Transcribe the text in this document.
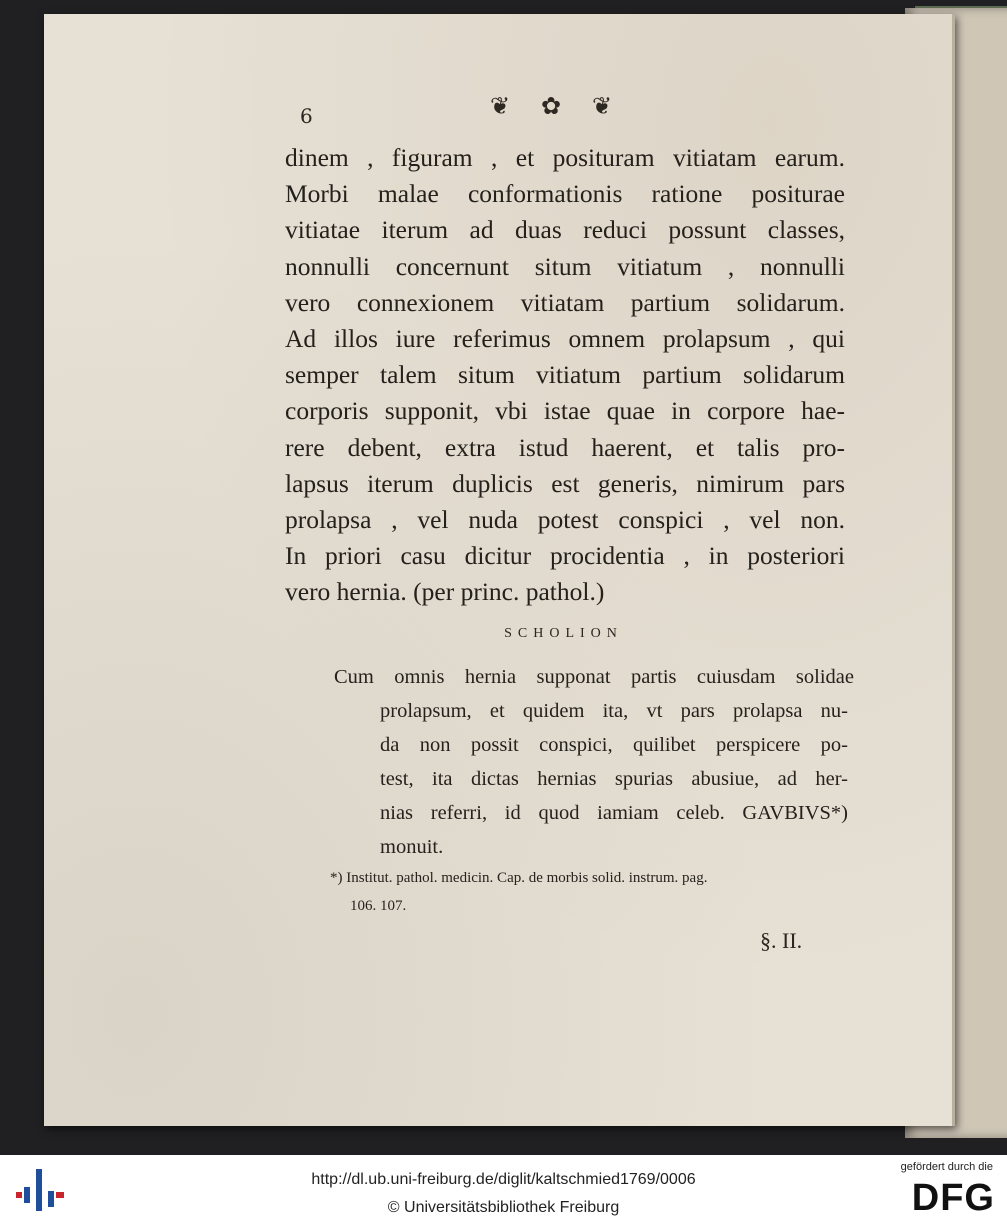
6	❦ ✿ ❦
dinem , figuram , et posituram vitiatam earum.
Morbi malae conformationis ratione positurae
vitiatae iterum ad duas reduci possunt classes,
nonnulli concernunt situm vitiatum , nonnulli
vero connexionem vitiatam partium solidarum.
Ad illos iure referimus omnem prolapsum , qui
semper talem situm vitiatum partium solidarum
corporis supponit, vbi istae quae in corpore hae-
rere debent, extra istud haerent, et talis pro-
lapsus iterum duplicis est generis, nimirum pars
prolapsa , vel nuda potest conspici , vel non.
In priori casu dicitur procidentia , in posteriori
vero hernia. (per princ. pathol.)
SCHOLION
Cum omnis hernia supponat partis cuiusdam solidae
prolapsum, et quidem ita, vt pars prolapsa nu-
da non possit conspici, quilibet perspicere po-
test, ita dictas hernias spurias abusiue, ad her-
nias referri, id quod iamiam celeb. GAVBIVS*)
monuit.
*) Institut. pathol. medicin. Cap. de morbis solid. instrum. pag.
106. 107.
§. II.
http://dl.ub.uni-freiburg.de/diglit/kaltschmied1769/0006
© Universitätsbibliothek Freiburg
gefördert durch die
DFG
